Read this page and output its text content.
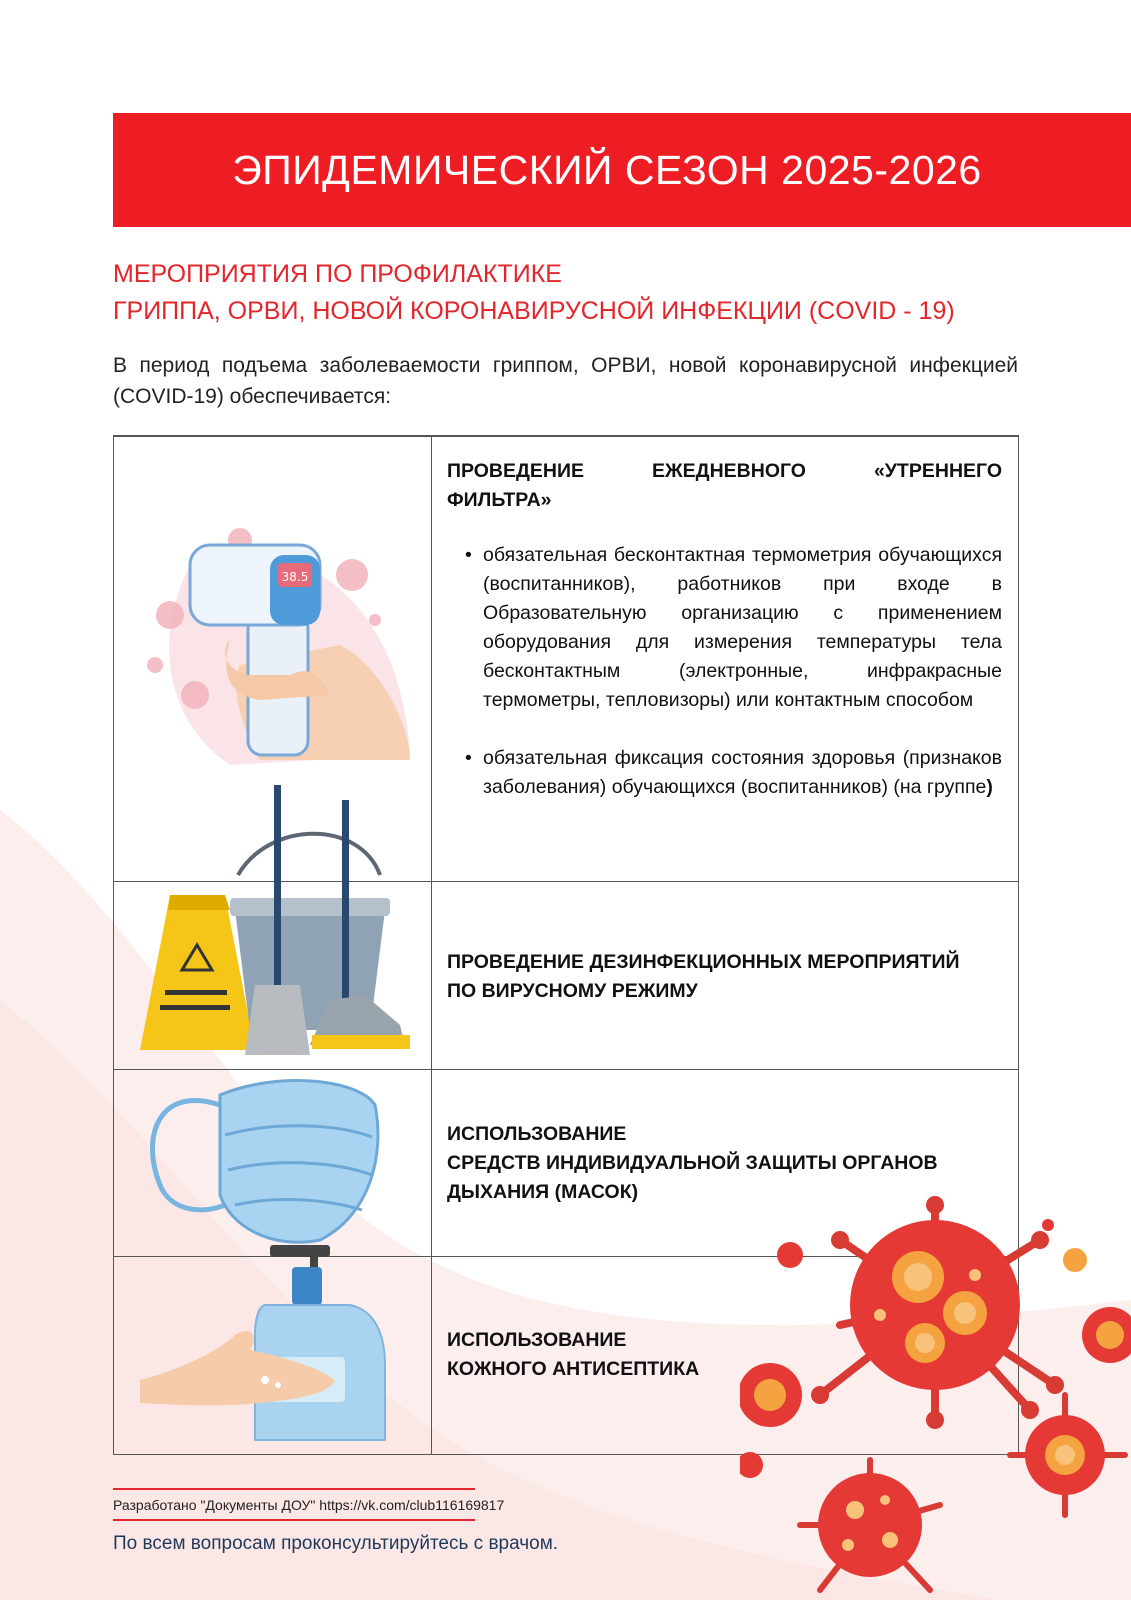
ЭПИДЕМИЧЕСКИЙ СЕЗОН 2025-2026
МЕРОПРИЯТИЯ ПО ПРОФИЛАКТИКЕ
ГРИППА, ОРВИ, НОВОЙ КОРОНАВИРУСНОЙ ИНФЕКЦИИ (COVID - 19)
В период подъема заболеваемости гриппом, ОРВИ, новой коронавирусной инфекцией (COVID-19) обеспечивается:
ПРОВЕДЕНИЕ ЕЖЕДНЕВНОГО «УТРЕННЕГО
ФИЛЬТРА»
• обязательная бесконтактная термометрия обучающихся (воспитанников), работников при входе в Образовательную организацию с применением оборудования для измерения температуры тела бесконтактным (электронные, инфракрасные термометры, тепловизоры) или контактным способом
• обязательная фиксация состояния здоровья (признаков заболевания) обучающихся (воспитанников) (на группе)
ПРОВЕДЕНИЕ ДЕЗИНФЕКЦИОННЫХ МЕРОПРИЯТИЙ
ПО ВИРУСНОМУ РЕЖИМУ
ИСПОЛЬЗОВАНИЕ
СРЕДСТВ ИНДИВИДУАЛЬНОЙ ЗАЩИТЫ ОРГАНОВ
ДЫХАНИЯ (МАСОК)
ИСПОЛЬЗОВАНИЕ
КОЖНОГО АНТИСЕПТИКА
38.5
Разработано "Документы ДОУ" https://vk.com/club116169817
По всем вопросам проконсультируйтесь с врачом.
